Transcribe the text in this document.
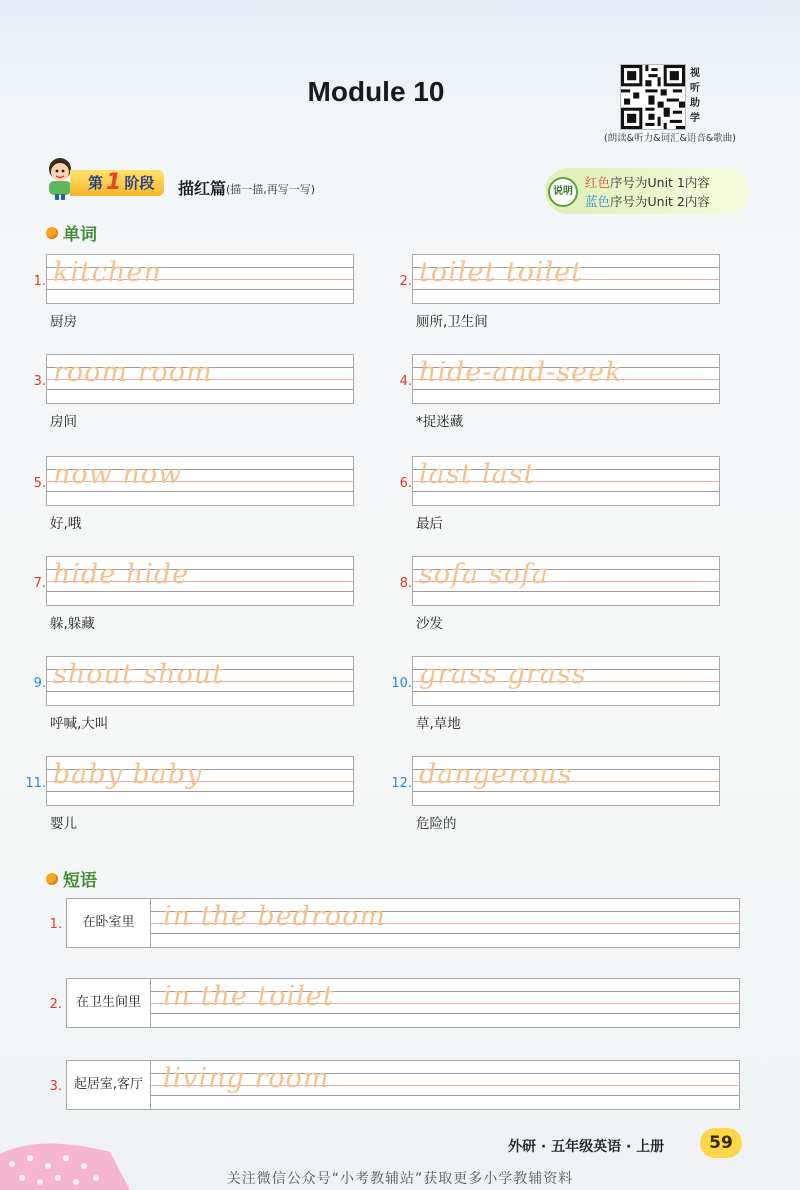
Module 10
视
听
助
学
(朗读&听力&词汇&语音&歌曲)
第 1 阶段 描红篇 (描一描,再写一写)	说明
红色序号为Unit 1内容
蓝色序号为Unit 2内容
单词
1. kitchen
厨房
2. toilet toilet
厕所,卫生间
3. room room
房间
4. hide-and-seek
*捉迷藏
5. now now
好,哦
6. last last
最后
7. hide hide
躲,躲藏
8. sofa sofa
沙发
9. shout shout
呼喊,大叫
10. grass grass
草,草地
11. baby baby
婴儿
12. dangerous
危险的
短语
1.	在卧室里	in the bedroom
2.	在卫生间里 in the toilet
3. 起居室,客厅 living room
外研 · 五年级英语 · 上册	59
关注微信公众号“小考教辅站”获取更多小学教辅资料
